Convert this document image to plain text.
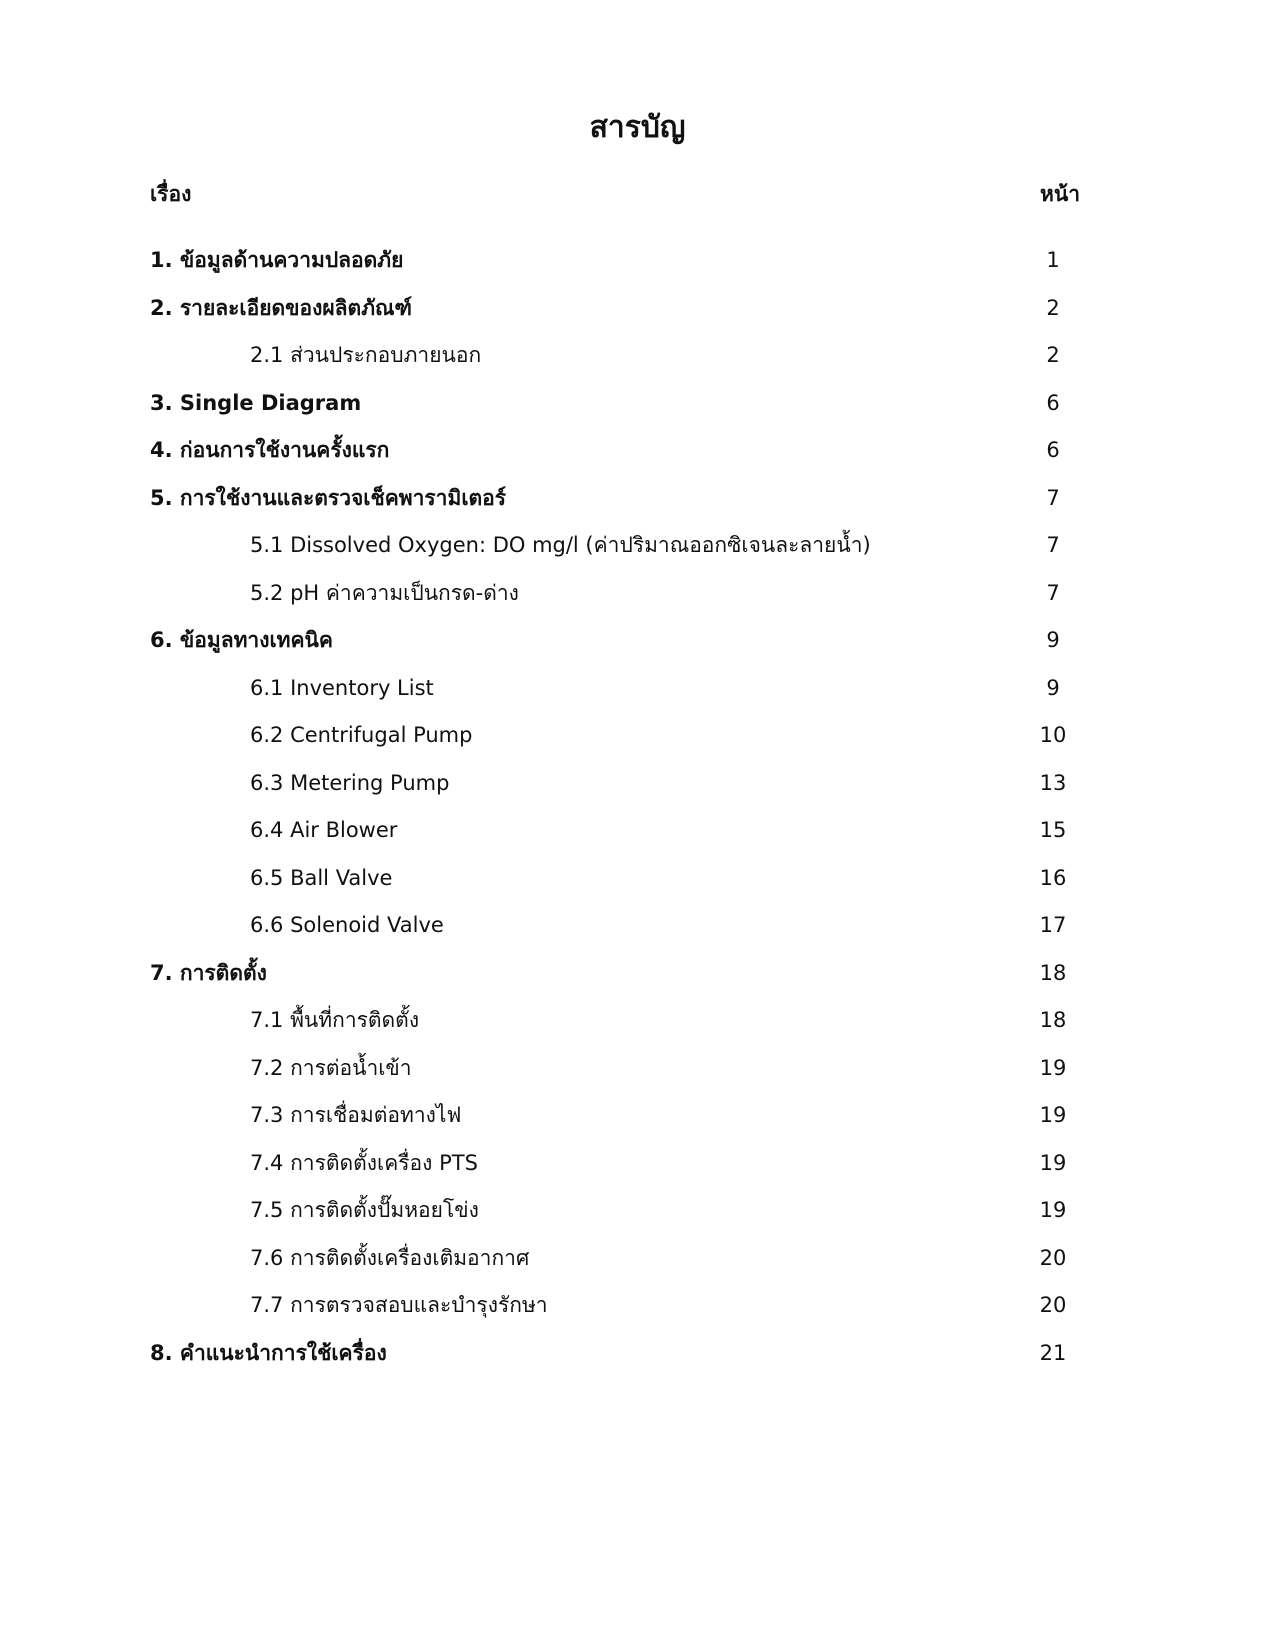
สารบัญ
เรื่อง	หน้า
1. ข้อมูลด้านความปลอดภัย	1
2. รายละเอียดของผลิตภัณฑ์	2
2.1 ส่วนประกอบภายนอก	2
3. Single Diagram	6
4. ก่อนการใช้งานครั้งแรก	6
5. การใช้งานและตรวจเช็คพารามิเตอร์	7
5.1 Dissolved Oxygen: DO mg/l (ค่าปริมาณออกซิเจนละลายน้ำ)	7
5.2 pH ค่าความเป็นกรด-ด่าง	7
6. ข้อมูลทางเทคนิค	9
6.1 Inventory List	9
6.2 Centrifugal Pump	10
6.3 Metering Pump	13
6.4 Air Blower	15
6.5 Ball Valve	16
6.6 Solenoid Valve	17
7. การติดตั้ง	18
7.1 พื้นที่การติดตั้ง	18
7.2 การต่อน้ำเข้า	19
7.3 การเชื่อมต่อทางไฟ	19
7.4 การติดตั้งเครื่อง PTS	19
7.5 การติดตั้งปั๊มหอยโข่ง	19
7.6 การติดตั้งเครื่องเติมอากาศ	20
7.7 การตรวจสอบและบำรุงรักษา	20
8. คำแนะนำการใช้เครื่อง	21
